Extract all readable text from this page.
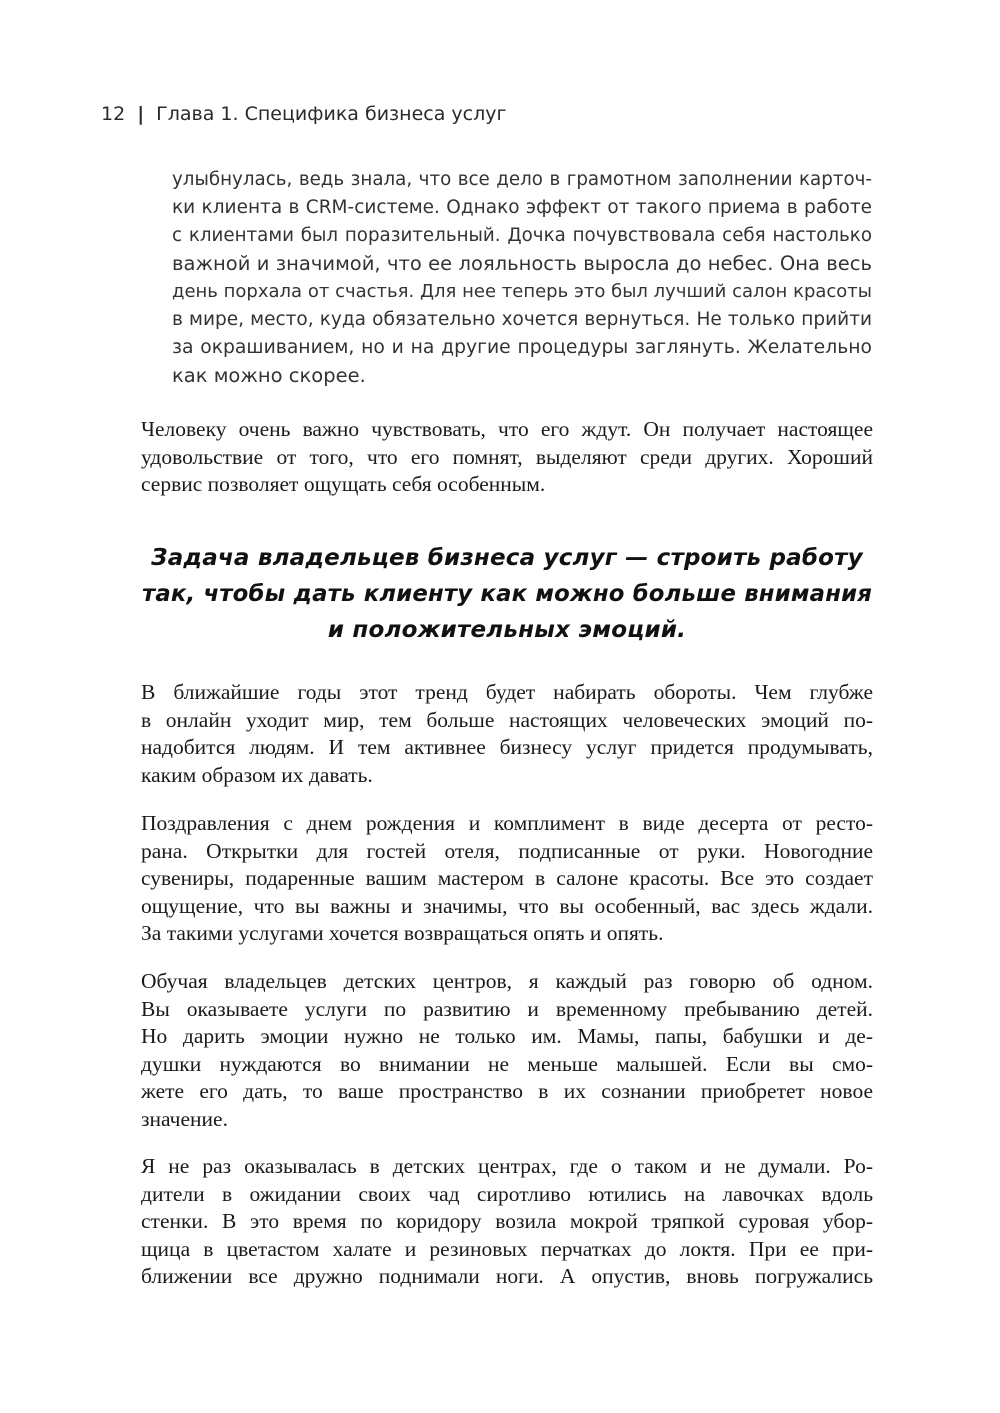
12 | Глава 1. Специфика бизнеса услуг
улыбнулась, ведь знала, что все дело в грамотном заполнении карточ-
ки клиента в CRM-системе. Однако эффект от такого приема в работе
с клиентами был поразительный. Дочка почувствовала себя настолько
важной и значимой, что ее лояльность выросла до небес. Она весь
день порхала от счастья. Для нее теперь это был лучший салон красоты
в мире, место, куда обязательно хочется вернуться. Не только прийти
за окрашиванием, но и на другие процедуры заглянуть. Желательно
как можно скорее.
Человеку очень важно чувствовать, что его ждут. Он получает настоящее
удовольствие от того, что его помнят, выделяют среди других. Хороший
сервис позволяет ощущать себя особенным.
Задача владельцев бизнеса услуг — строить работу
так, чтобы дать клиенту как можно больше внимания
и положительных эмоций.
В ближайшие годы этот тренд будет набирать обороты. Чем глубже
в онлайн уходит мир, тем больше настоящих человеческих эмоций по-
надобится людям. И тем активнее бизнесу услуг придется продумывать,
каким образом их давать.
Поздравления с днем рождения и комплимент в виде десерта от ресто-
рана. Открытки для гостей отеля, подписанные от руки. Новогодние
сувениры, подаренные вашим мастером в салоне красоты. Все это создает
ощущение, что вы важны и значимы, что вы особенный, вас здесь ждали.
За такими услугами хочется возвращаться опять и опять.
Обучая владельцев детских центров, я каждый раз говорю об одном.
Вы оказываете услуги по развитию и временному пребыванию детей.
Но дарить эмоции нужно не только им. Мамы, папы, бабушки и де-
душки нуждаются во внимании не меньше малышей. Если вы смо-
жете его дать, то ваше пространство в их сознании приобретет новое
значение.
Я не раз оказывалась в детских центрах, где о таком и не думали. Ро-
дители в ожидании своих чад сиротливо ютились на лавочках вдоль
стенки. В это время по коридору возила мокрой тряпкой суровая убор-
щица в цветастом халате и резиновых перчатках до локтя. При ее при-
ближении все дружно поднимали ноги. А опустив, вновь погружались
